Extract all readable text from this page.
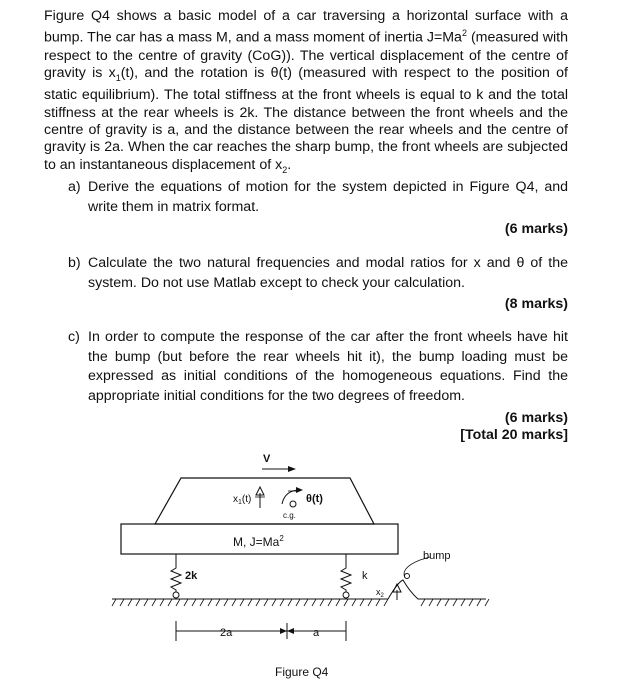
Figure Q4 shows a basic model of a car traversing a horizontal surface with a bump. The car has a mass M, and a mass moment of inertia $J=Ma^2$ (measured with respect to the centre of gravity (CoG)). The vertical displacement of the centre of gravity is $x_1(t)$, and the rotation is θ(t) (measured with respect to the position of static equilibrium). The total stiffness at the front wheels is equal to k and the total stiffness at the rear wheels is 2k. The distance between the front wheels and the centre of gravity is a, and the distance between the rear wheels and the centre of gravity is 2a. When the car reaches the sharp bump, the front wheels are subjected to an instantaneous displacement of $x_2$.

a) Derive the equations of motion for the system depicted in Figure Q4, and write them in matrix format.
(6 marks)
b) Calculate the two natural frequencies and modal ratios for x and θ of the system. Do not use Matlab except to check your calculation.
(8 marks)
c) In order to compute the response of the car after the front wheels have hit the bump (but before the rear wheels hit it), the bump loading must be expressed as initial conditions of the homogeneous equations. Find the appropriate initial conditions for the two degrees of freedom.
(6 marks)
[Total 20 marks]
V
$x_1(t)$
c.g.
θ(t)
M, $J=Ma^2$
2k	k
$x_2$
bump
2a	a
Figure Q4
